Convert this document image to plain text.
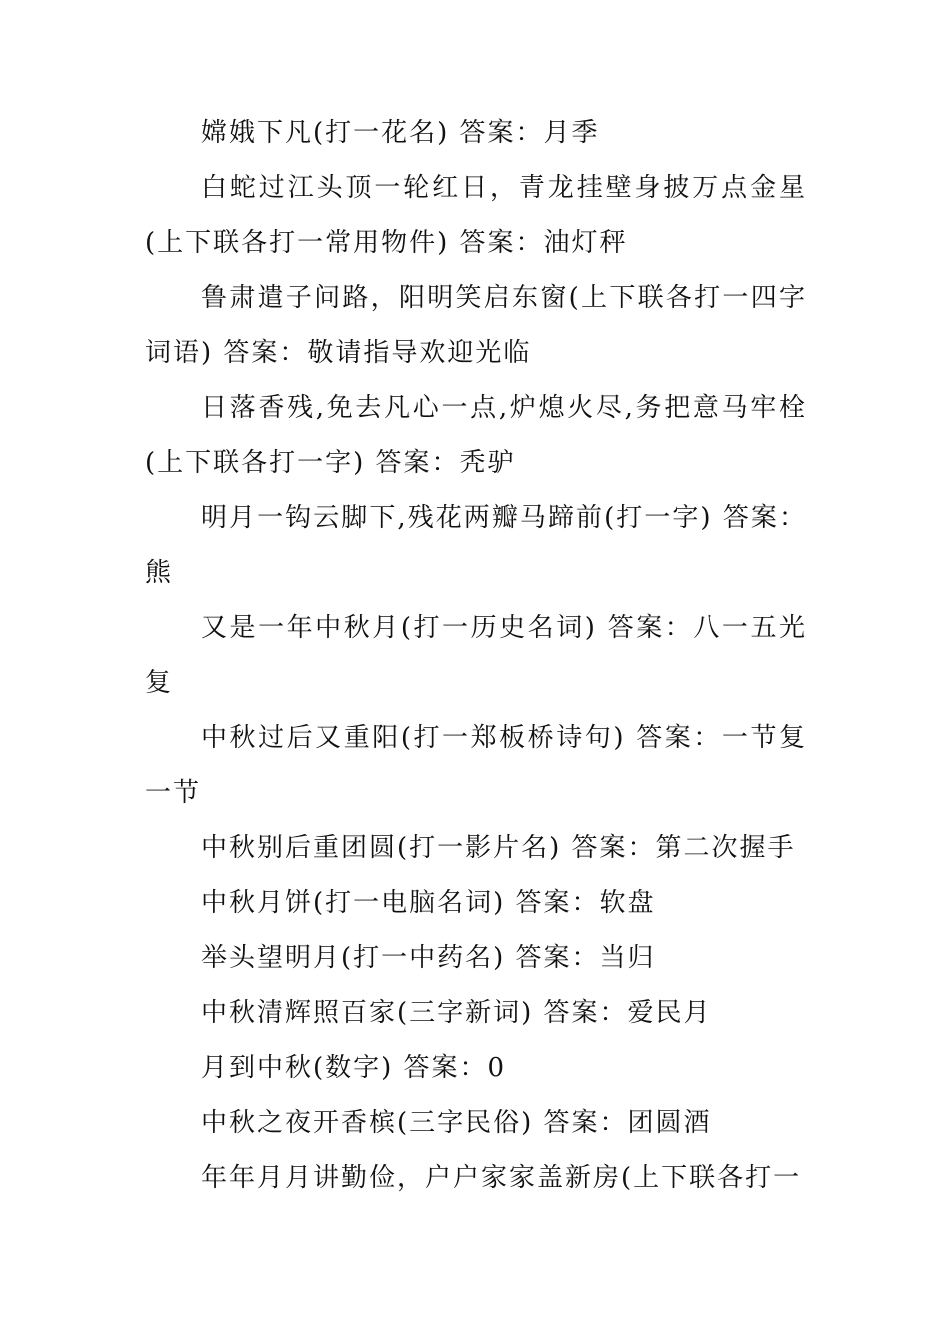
嫦娥下凡(打一花名) 答案：月季

白蛇过江头顶一轮红日，青龙挂壁身披万点金星(上下联各打一常用物件) 答案：油灯秤

鲁肃遣子问路，阳明笑启东窗(上下联各打一四字词语) 答案：敬请指导欢迎光临

日落香残,免去凡心一点,炉熄火尽,务把意马牢栓(上下联各打一字) 答案：秃驴

明月一钩云脚下,残花两瓣马蹄前(打一字) 答案：熊

又是一年中秋月(打一历史名词) 答案：八一五光复

中秋过后又重阳(打一郑板桥诗句) 答案：一节复一节

中秋别后重团圆(打一影片名) 答案：第二次握手

中秋月饼(打一电脑名词) 答案：软盘

举头望明月(打一中药名) 答案：当归

中秋清辉照百家(三字新词) 答案：爱民月

月到中秋(数字) 答案：0

中秋之夜开香槟(三字民俗) 答案：团圆酒

年年月月讲勤俭，户户家家盖新房(上下联各打一
